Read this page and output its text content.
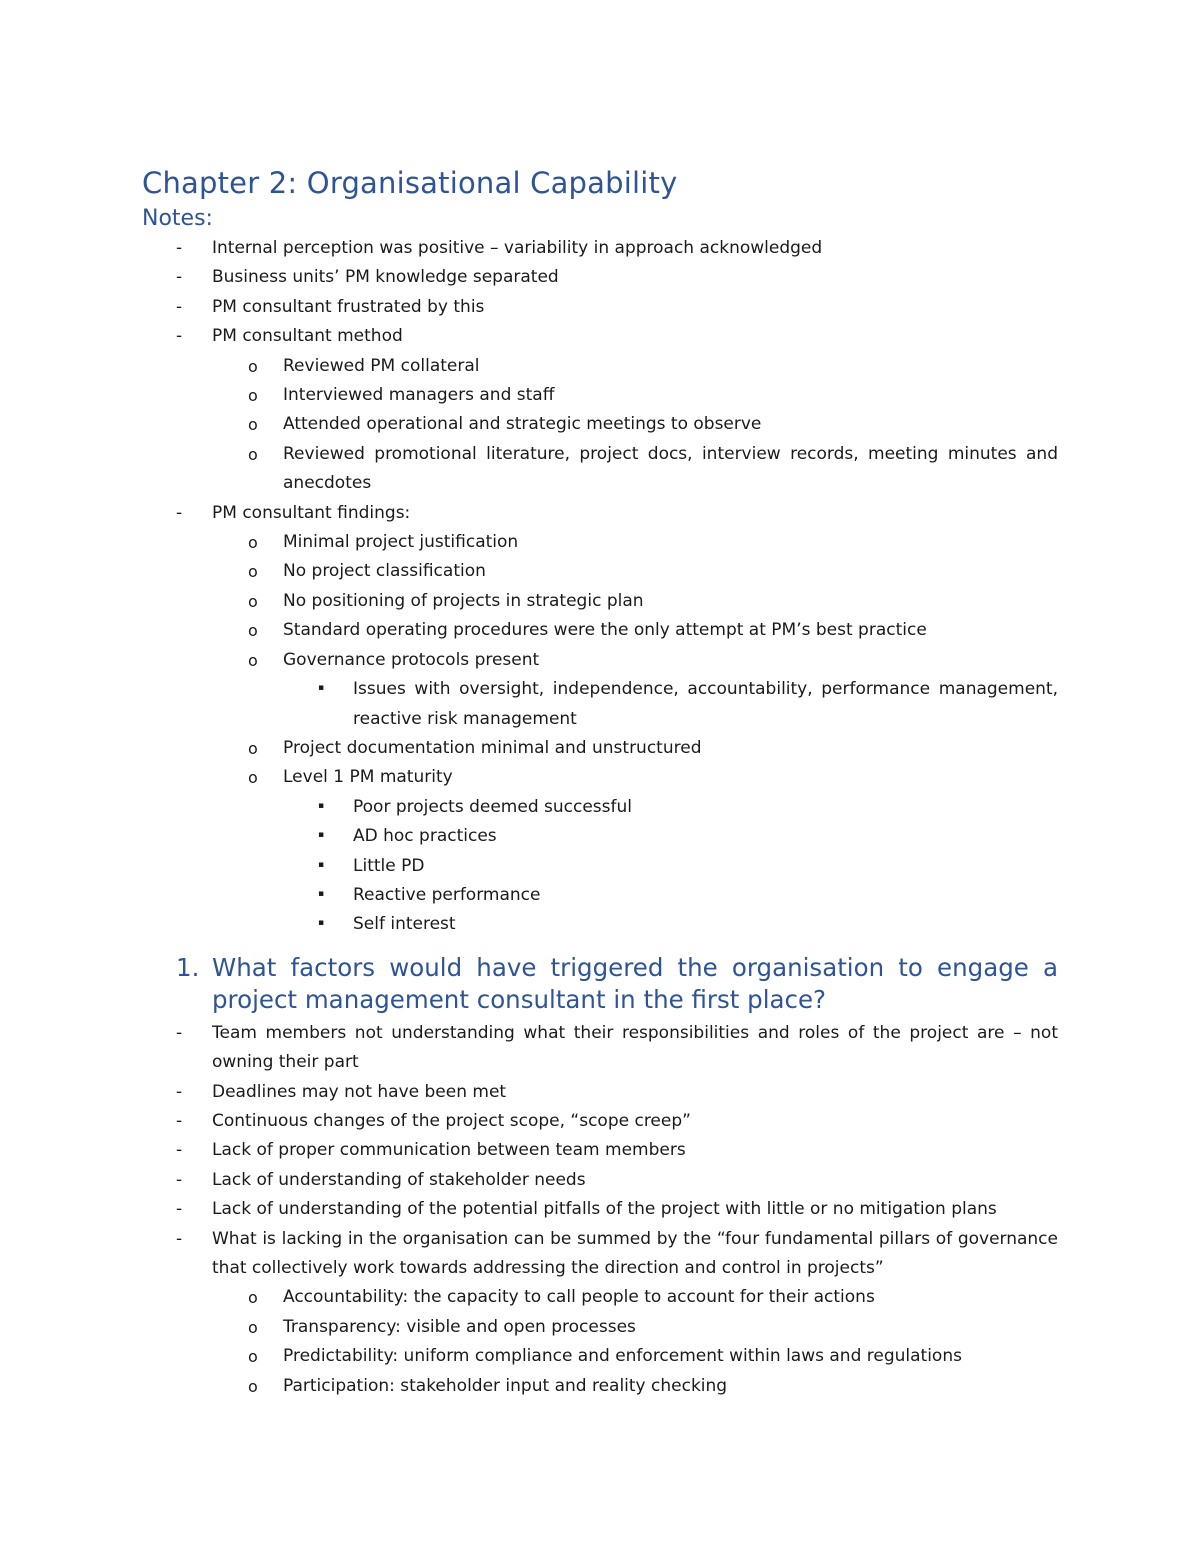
Chapter 2: Organisational Capability
Notes:
- Internal perception was positive – variability in approach acknowledged
- Business units’ PM knowledge separated
- PM consultant frustrated by this
- PM consultant method
o Reviewed PM collateral
o Interviewed managers and staff
o Attended operational and strategic meetings to observe
o Reviewed promotional literature, project docs, interview records, meeting minutes and anecdotes
- PM consultant findings:
o Minimal project justification
o No project classification
o No positioning of projects in strategic plan
o Standard operating procedures were the only attempt at PM’s best practice
o Governance protocols present
▪ Issues with oversight, independence, accountability, performance management, reactive risk management
o Project documentation minimal and unstructured
o Level 1 PM maturity
▪ Poor projects deemed successful
▪ AD hoc practices
▪ Little PD
▪ Reactive performance
▪ Self interest
1. What factors would have triggered the organisation to engage a project management consultant in the first place?
- Team members not understanding what their responsibilities and roles of the project are – not owning their part
- Deadlines may not have been met
- Continuous changes of the project scope, “scope creep”
- Lack of proper communication between team members
- Lack of understanding of stakeholder needs
- Lack of understanding of the potential pitfalls of the project with little or no mitigation plans
- What is lacking in the organisation can be summed by the “four fundamental pillars of governance that collectively work towards addressing the direction and control in projects”
o Accountability: the capacity to call people to account for their actions
o Transparency: visible and open processes
o Predictability: uniform compliance and enforcement within laws and regulations
o Participation: stakeholder input and reality checking
